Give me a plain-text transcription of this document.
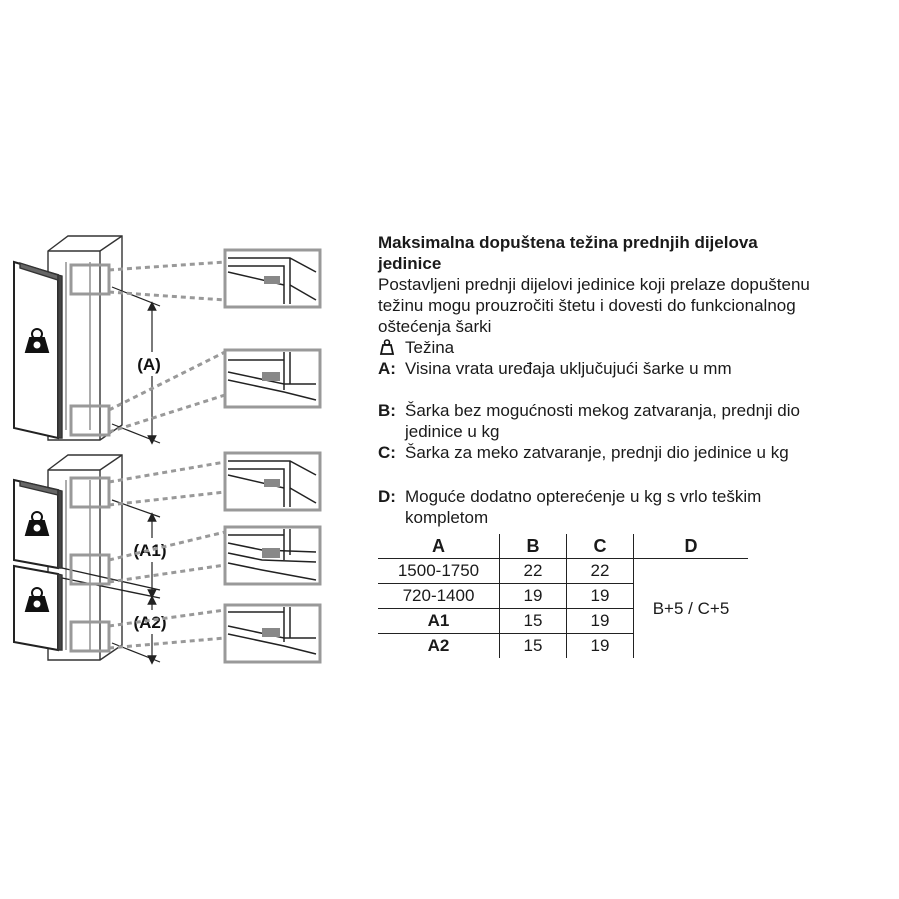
(A)
(A1)
(A2)
Maksimalna dopuštena težina prednjih dijelova
jedinice
Postavljeni prednji dijelovi jedinice koji prelaze dopuštenu
težinu mogu prouzročiti štetu i dovesti do funkcionalnog
oštećenja šarki
Težina
A: Visina vrata uređaja uključujući šarke u mm
B: Šarka bez mogućnosti mekog zatvaranja, prednji dio
jedinice u kg
C: Šarka za meko zatvaranje, prednji dio jedinice u kg
D: Moguće dodatno opterećenje u kg s vrlo teškim
kompletom
A	B	C	D
1500-1750	22	22	B+5 / C+5
720-1400	19	19	
A1	15	19	
A2	15	19	
